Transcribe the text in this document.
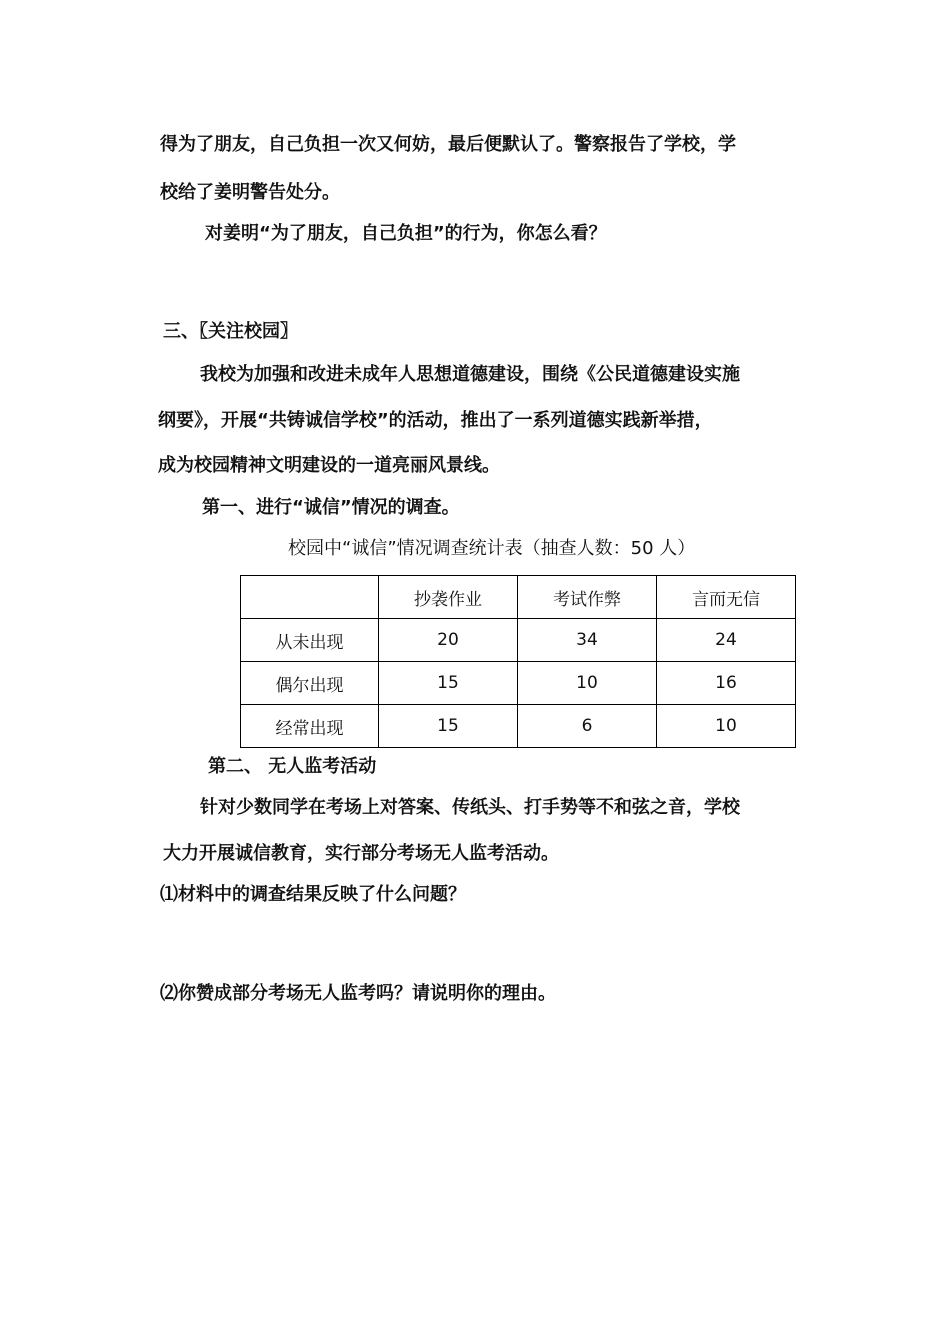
得为了朋友，自己负担一次又何妨，最后便默认了。警察报告了学校，学
校给了姜明警告处分。
对姜明“为了朋友，自己负担”的行为，你怎么看？
三、〖关注校园〗
我校为加强和改进未成年人思想道德建设，围绕《公民道德建设实施
纲要》，开展“共铸诚信学校”的活动，推出了一系列道德实践新举措，
成为校园精神文明建设的一道亮丽风景线。
第一、进行“诚信”情况的调查。
校园中“诚信”情况调查统计表（抽查人数：50 人）
	抄袭作业	考试作弊	言而无信
从未出现	20	34	24
偶尔出现	15	10	16
经常出现	15	6	10
第二、 无人监考活动
针对少数同学在考场上对答案、传纸头、打手势等不和弦之音，学校
大力开展诚信教育，实行部分考场无人监考活动。
⑴材料中的调查结果反映了什么问题？
⑵你赞成部分考场无人监考吗？请说明你的理由。
